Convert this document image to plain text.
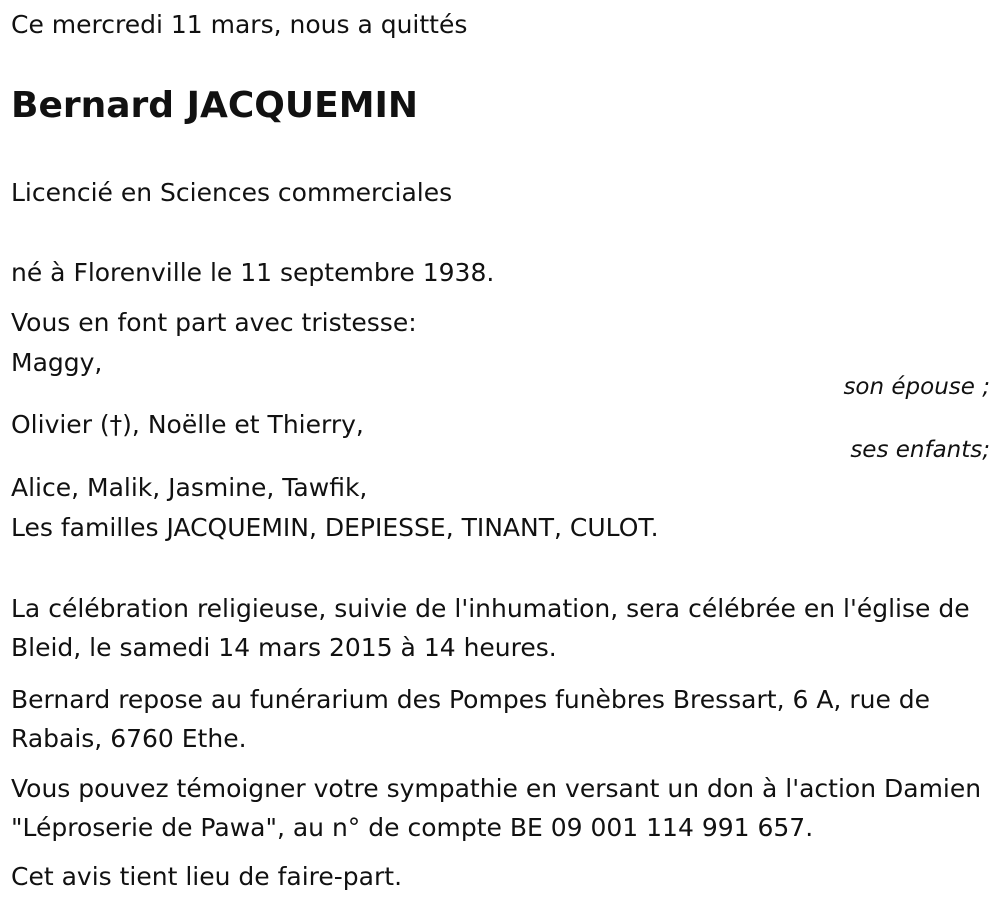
Ce mercredi 11 mars, nous a quittés

Bernard JACQUEMIN

Licencié en Sciences commerciales

né à Florenville le 11 septembre 1938.

Vous en font part avec tristesse:

Maggy,

son épouse ;

Olivier (†), Noëlle et Thierry,

ses enfants;

Alice, Malik, Jasmine, Tawfik,

Les familles JACQUEMIN, DEPIESSE, TINANT, CULOT.

La célébration religieuse, suivie de l'inhumation, sera célébrée en l'église de Bleid, le samedi 14 mars 2015 à 14 heures.

Bernard repose au funérarium des Pompes funèbres Bressart, 6 A, rue de Rabais, 6760 Ethe.

Vous pouvez témoigner votre sympathie en versant un don à l'action Damien "Léproserie de Pawa", au n° de compte BE 09 001 114 991 657.

Cet avis tient lieu de faire-part.
